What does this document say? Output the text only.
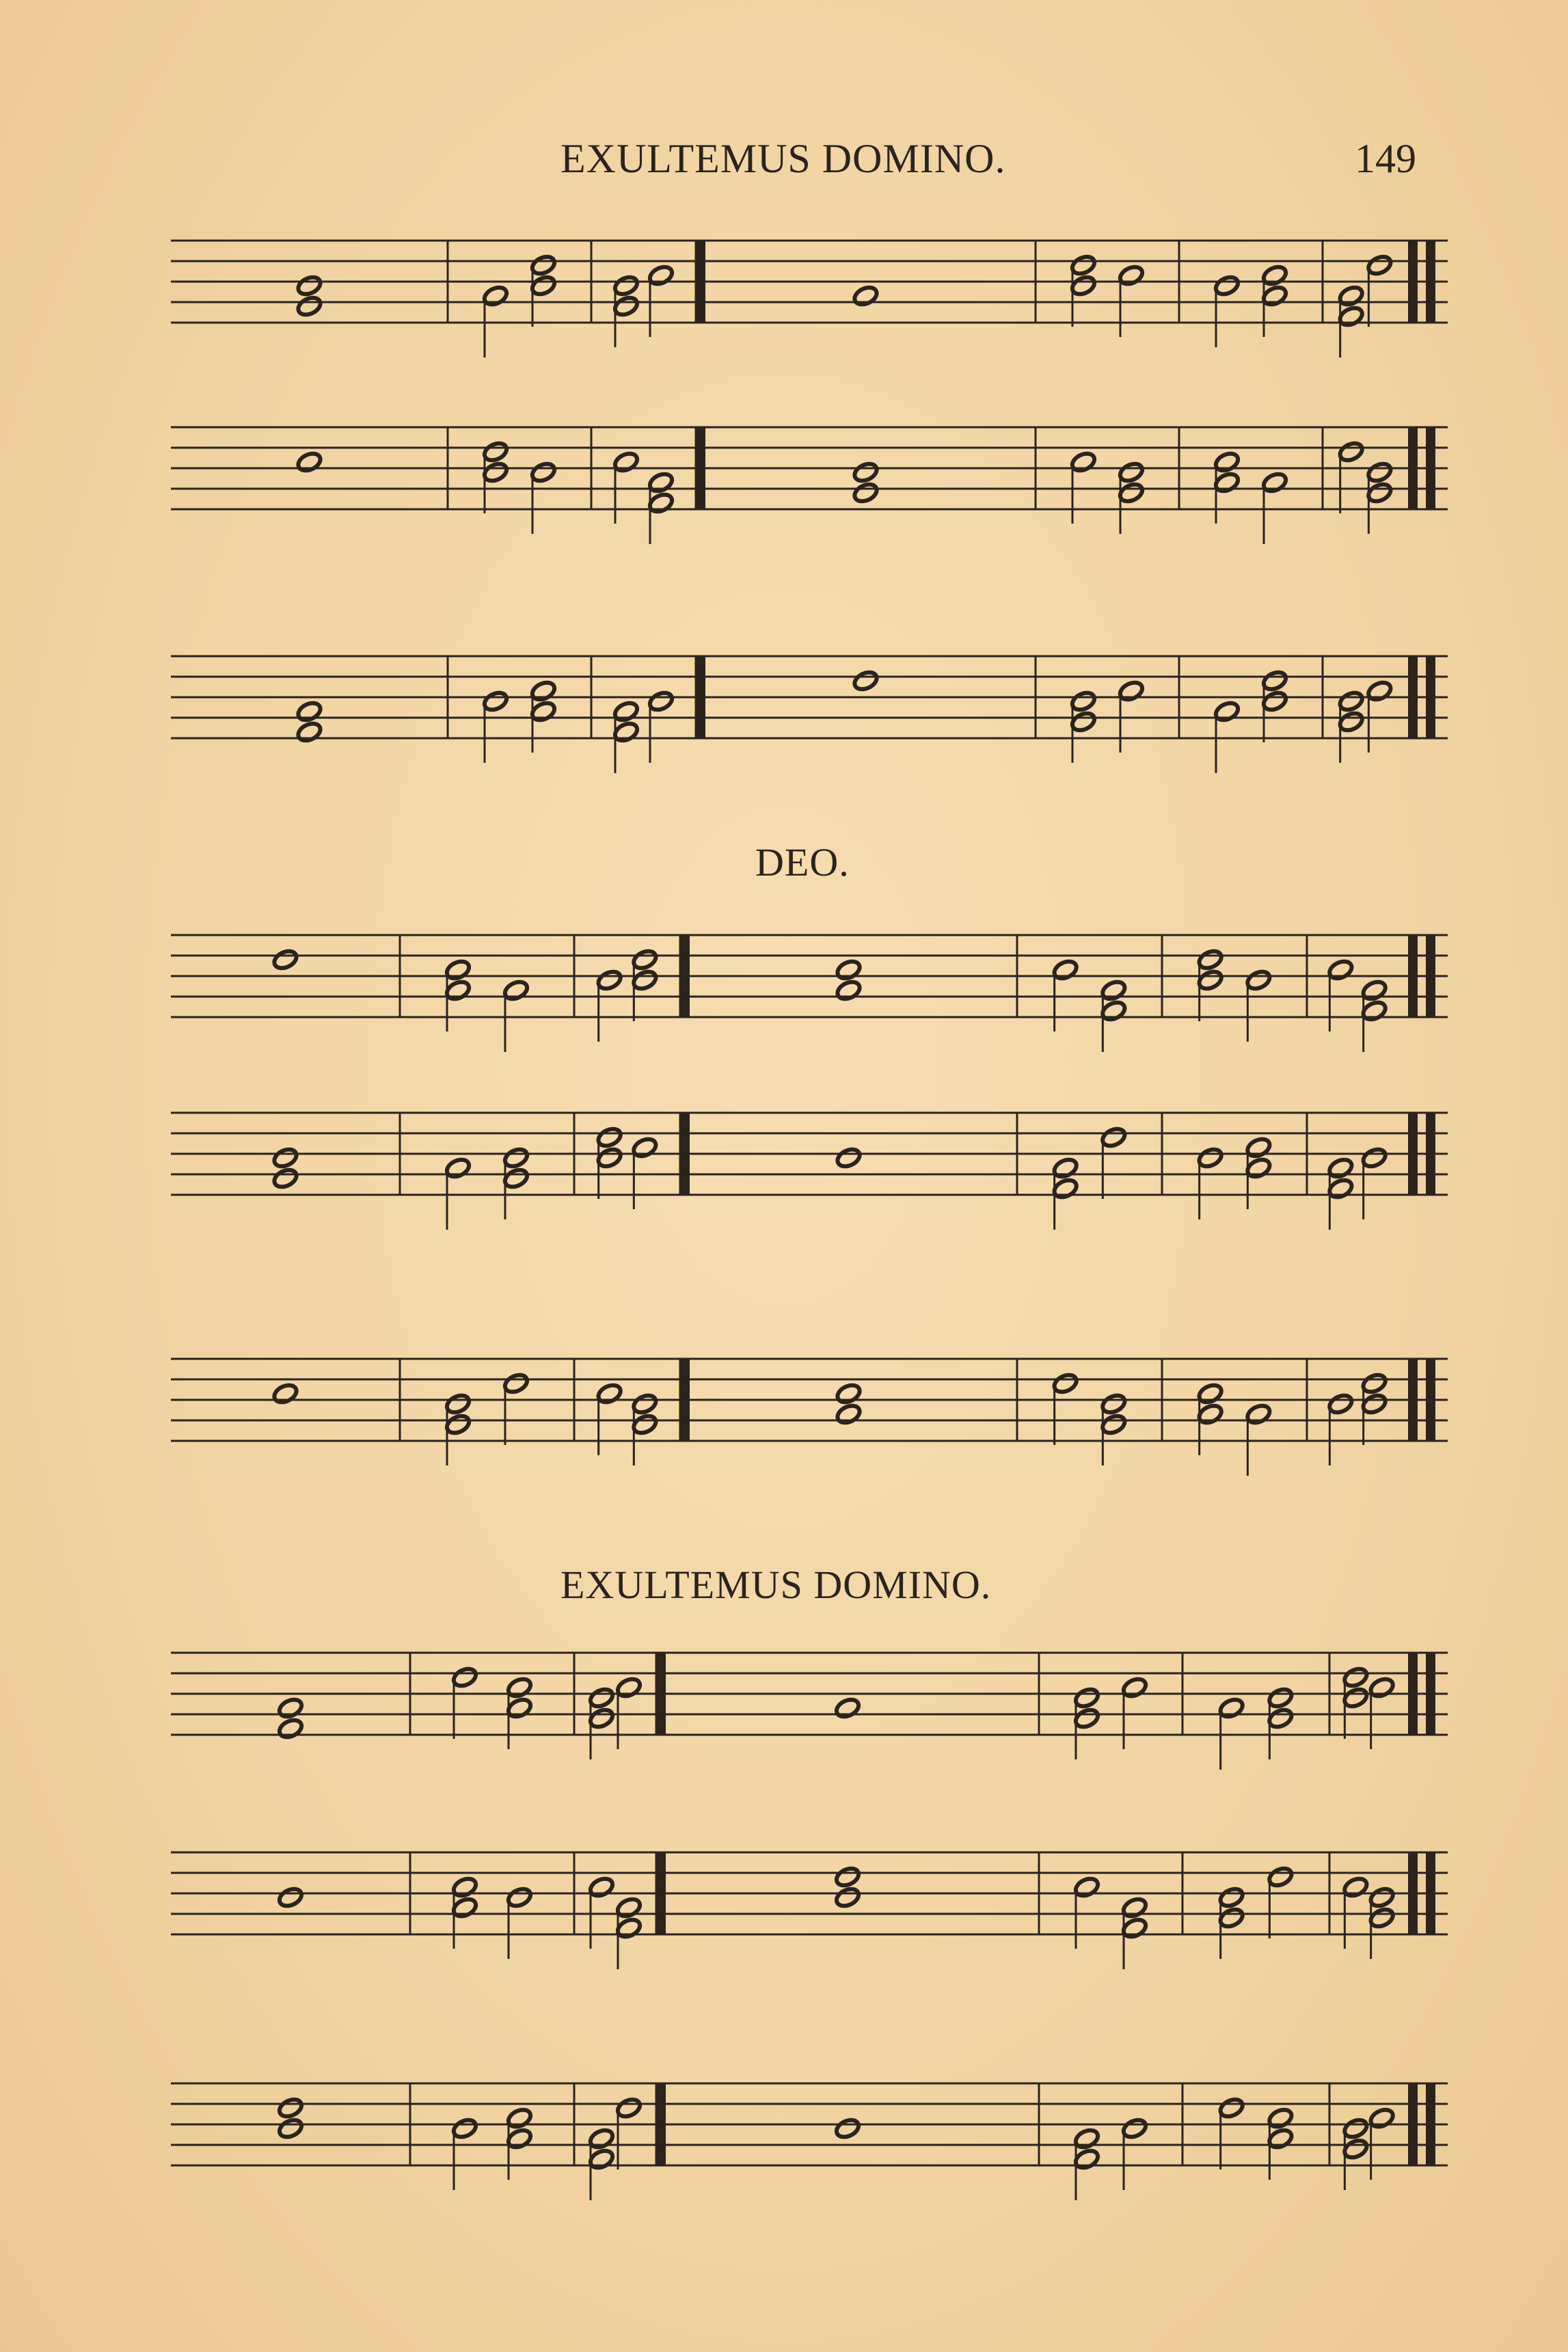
EXULTEMUS DOMINO.	149
DEO.
EXULTEMUS DOMINO.
